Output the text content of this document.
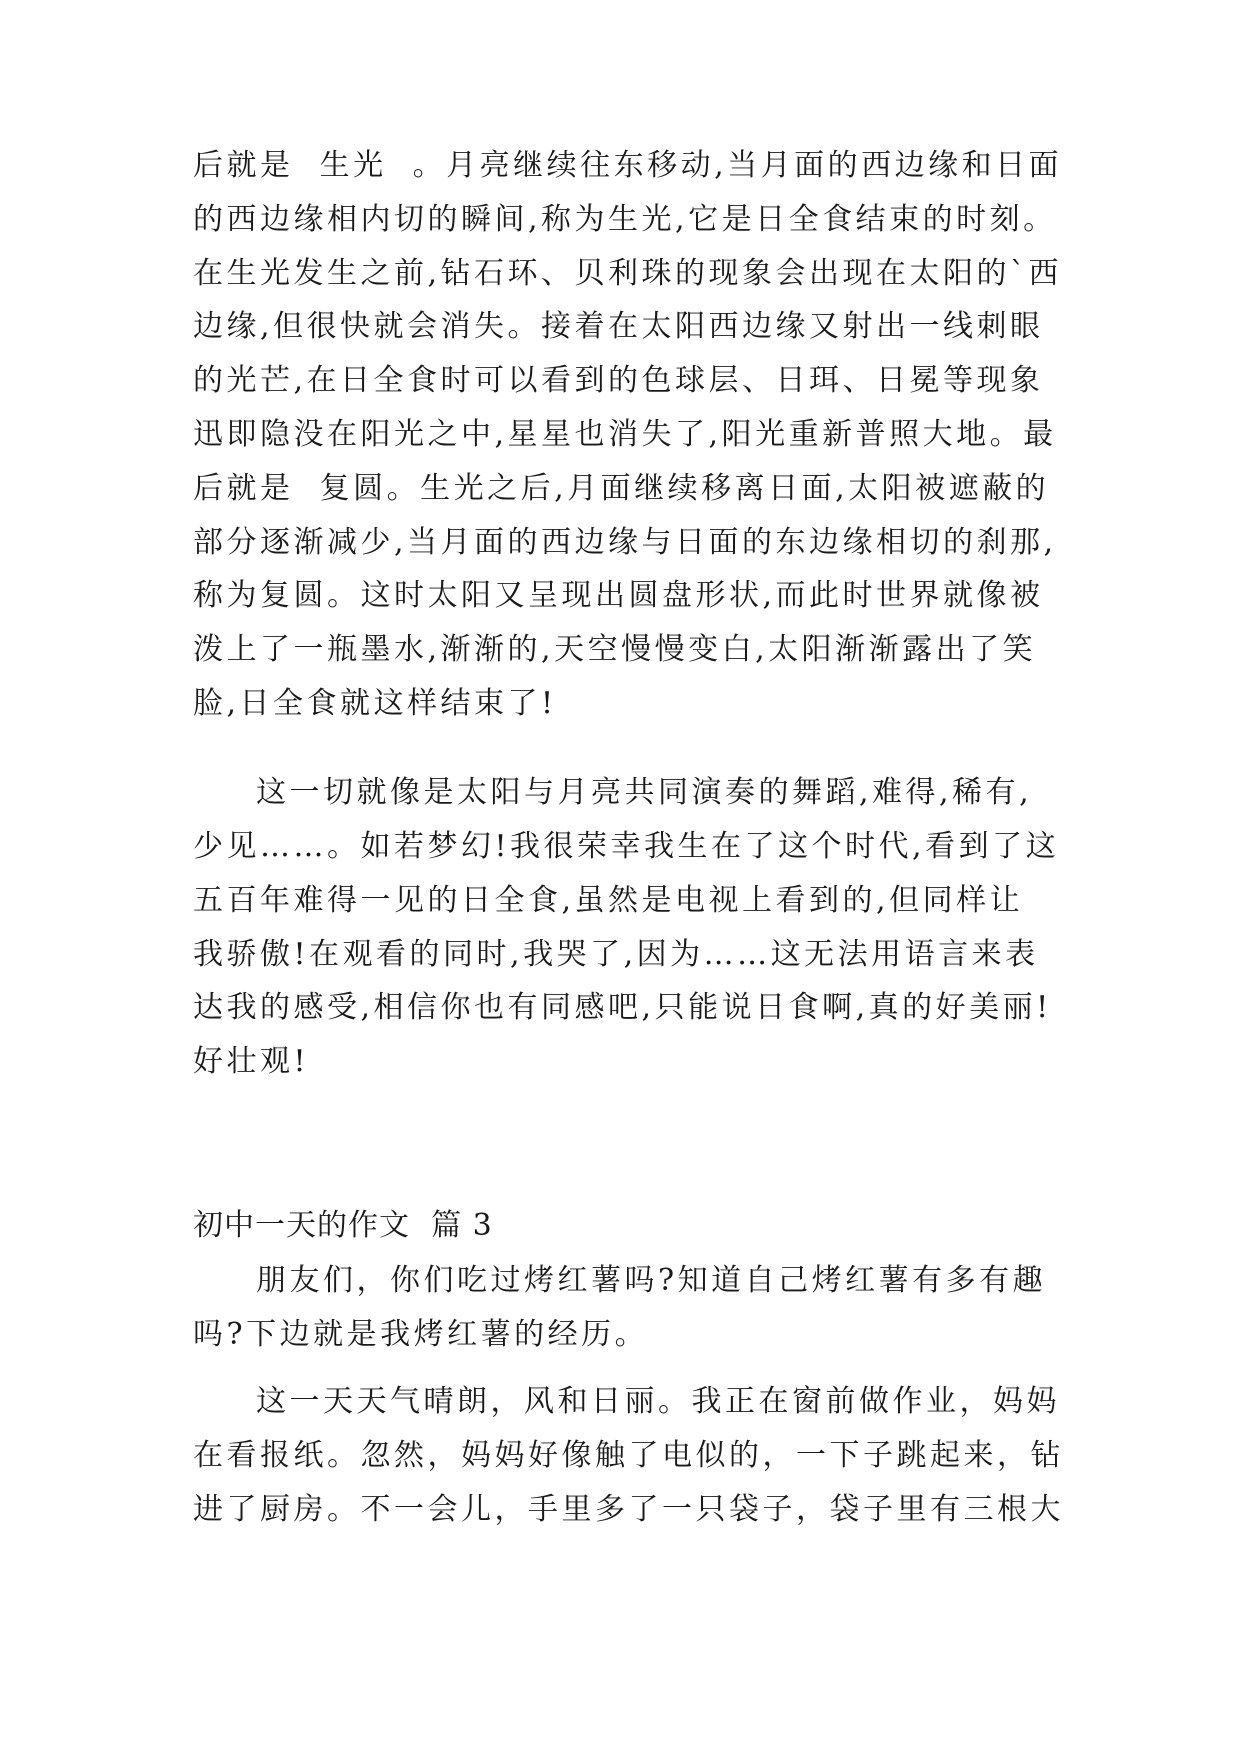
后就是  生光  。月亮继续往东移动,当月面的西边缘和日面
的西边缘相内切的瞬间,称为生光,它是日全食结束的时刻。
在生光发生之前,钻石环、贝利珠的现象会出现在太阳的`西
边缘,但很快就会消失。接着在太阳西边缘又射出一线刺眼
的光芒,在日全食时可以看到的色球层、日珥、日冕等现象
迅即隐没在阳光之中,星星也消失了,阳光重新普照大地。最
后就是  复圆。生光之后,月面继续移离日面,太阳被遮蔽的
部分逐渐减少,当月面的西边缘与日面的东边缘相切的刹那,
称为复圆。这时太阳又呈现出圆盘形状,而此时世界就像被
泼上了一瓶墨水,渐渐的,天空慢慢变白,太阳渐渐露出了笑
脸,日全食就这样结束了!
这一切就像是太阳与月亮共同演奏的舞蹈,难得,稀有,
少见……。如若梦幻!我很荣幸我生在了这个时代,看到了这
五百年难得一见的日全食,虽然是电视上看到的,但同样让
我骄傲!在观看的同时,我哭了,因为……这无法用语言来表
达我的感受,相信你也有同感吧,只能说日食啊,真的好美丽!
好壮观!
初中一天的作文  篇 3
朋友们，你们吃过烤红薯吗?知道自己烤红薯有多有趣
吗?下边就是我烤红薯的经历。
这一天天气晴朗，风和日丽。我正在窗前做作业，妈妈
在看报纸。忽然，妈妈好像触了电似的，一下子跳起来，钻
进了厨房。不一会儿，手里多了一只袋子，袋子里有三根大
